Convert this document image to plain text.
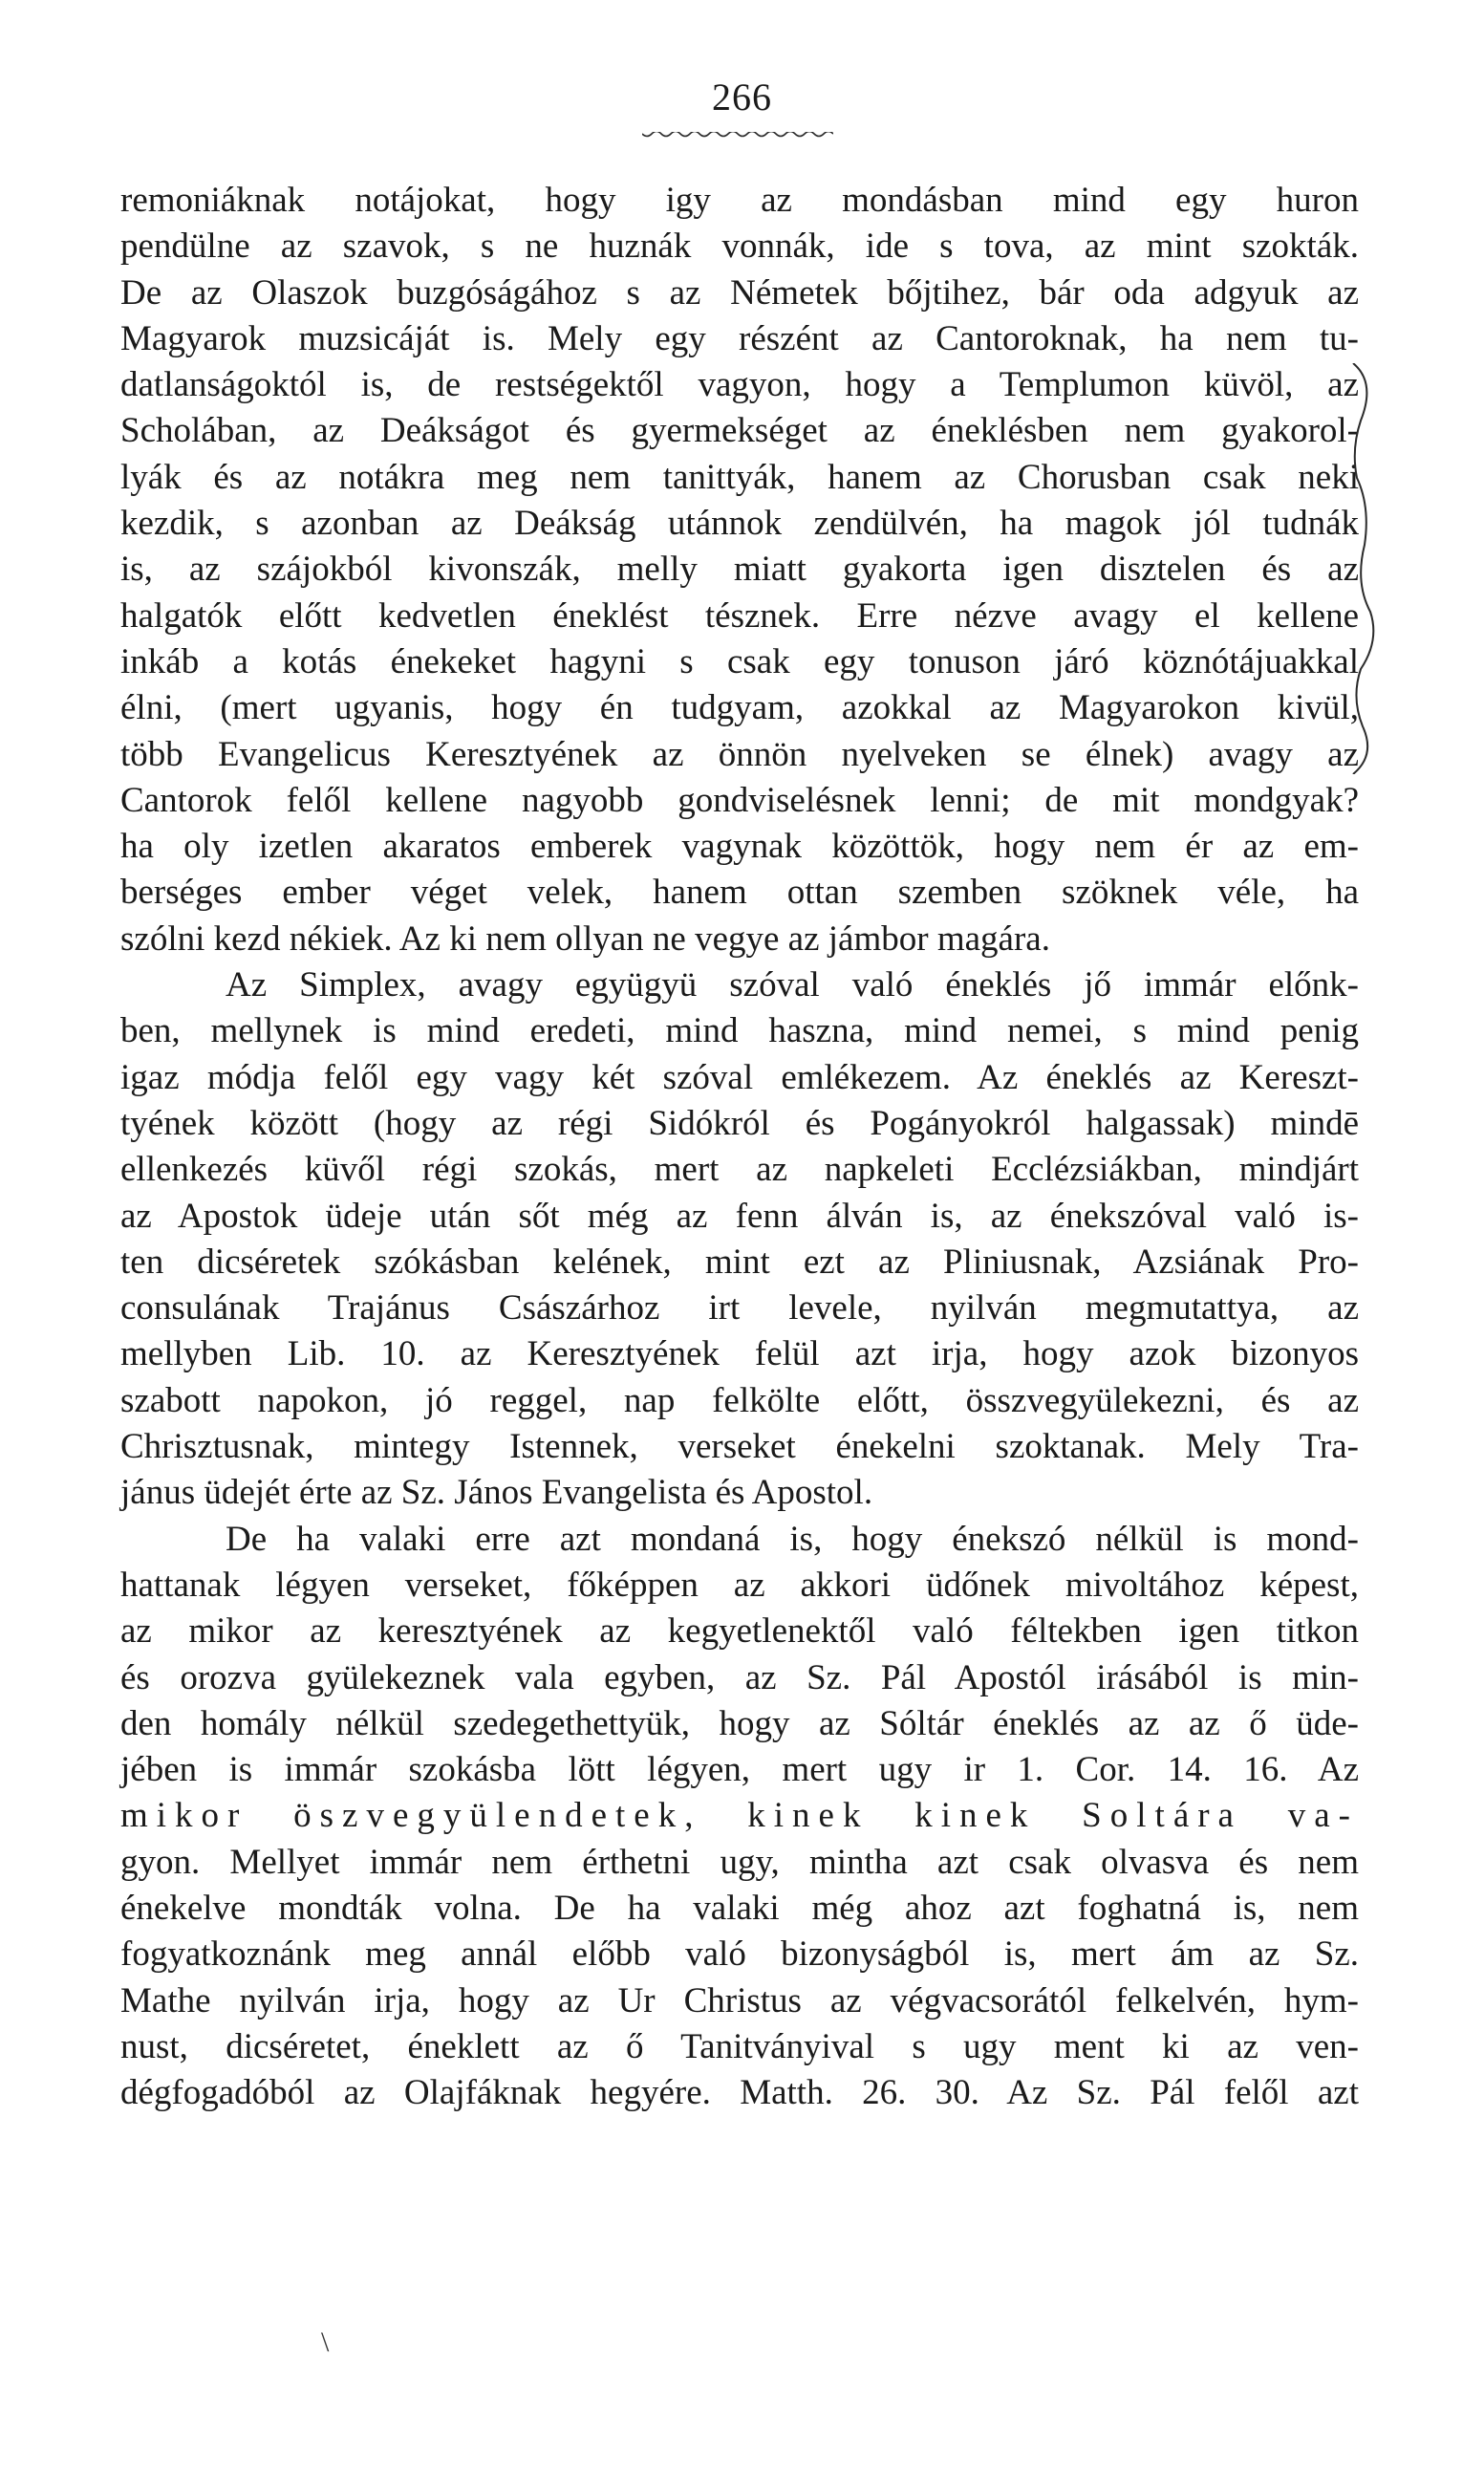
266
remoniáknak notájokat, hogy igy az mondásban mind egy huron
pendülne az szavok, s ne huznák vonnák, ide s tova, az mint szokták.
De az Olaszok buzgóságához s az Németek bőjtihez, bár oda adgyuk az
Magyarok muzsicáját is. Mely egy részént az Cantoroknak, ha nem tu-
datlanságoktól is, de restségektől vagyon, hogy a Templumon küvöl, az
Scholában, az Deákságot és gyermekséget az éneklésben nem gyakorol-
lyák és az notákra meg nem tanittyák, hanem az Chorusban csak neki
kezdik, s azonban az Deákság utánnok zendülvén, ha magok jól tudnák
is, az szájokból kivonszák, melly miatt gyakorta igen disztelen és az
halgatók előtt kedvetlen éneklést tésznek. Erre nézve avagy el kellene
inkáb a kotás énekeket hagyni s csak egy tonuson járó köznótájuakkal
élni, (mert ugyanis, hogy én tudgyam, azokkal az Magyarokon kivül,
több Evangelicus Keresztyének az önnön nyelveken se élnek) avagy az
Cantorok felől kellene nagyobb gondviselésnek lenni; de mit mondgyak?
ha oly izetlen akaratos emberek vagynak közöttök, hogy nem ér az em-
berséges ember véget velek, hanem ottan szemben szöknek véle, ha
szólni kezd nékiek. Az ki nem ollyan ne vegye az jámbor magára.
Az Simplex, avagy együgyü szóval való éneklés jő immár előnk-
ben, mellynek is mind eredeti, mind haszna, mind nemei, s mind penig
igaz módja felől egy vagy két szóval emlékezem. Az éneklés az Kereszt-
tyének között (hogy az régi Sidókról és Pogányokról halgassak) mindē
ellenkezés küvől régi szokás, mert az napkeleti Ecclézsiákban, mindjárt
az Apostok üdeje után sőt még az fenn álván is, az énekszóval való is-
ten dicséretek szókásban kelének, mint ezt az Pliniusnak, Azsiának Pro-
consulának Trajánus Császárhoz irt levele, nyilván megmutattya, az
mellyben Lib. 10. az Keresztyének felül azt irja, hogy azok bizonyos
szabott napokon, jó reggel, nap felkölte előtt, összvegyülekezni, és az
Chrisztusnak, mintegy Istennek, verseket énekelni szoktanak. Mely Tra-
jánus üdejét érte az Sz. János Evangelista és Apostol.
De ha valaki erre azt mondaná is, hogy énekszó nélkül is mond-
hattanak légyen verseket, főképpen az akkori üdőnek mivoltához képest,
az mikor az keresztyének az kegyetlenektől való féltekben igen titkon
és orozva gyülekeznek vala egyben, az Sz. Pál Apostól irásából is min-
den homály nélkül szedegethettyük, hogy az Sóltár éneklés az az ő üde-
jében is immár szokásba lött légyen, mert ugy ir 1. Cor. 14. 16. Az
mikor öszvegyülendetek, kinek kinek Soltára va-
gyon. Mellyet immár nem érthetni ugy, mintha azt csak olvasva és nem
énekelve mondták volna. De ha valaki még ahoz azt foghatná is, nem
fogyatkoznánk meg annál előbb való bizonyságból is, mert ám az Sz.
Mathe nyilván irja, hogy az Ur Christus az végvacsorától felkelvén, hym-
nust, dicséretet, éneklett az ő Tanitványival s ugy ment ki az ven-
dégfogadóból az Olajfáknak hegyére. Matth. 26. 30. Az Sz. Pál felől azt
\
